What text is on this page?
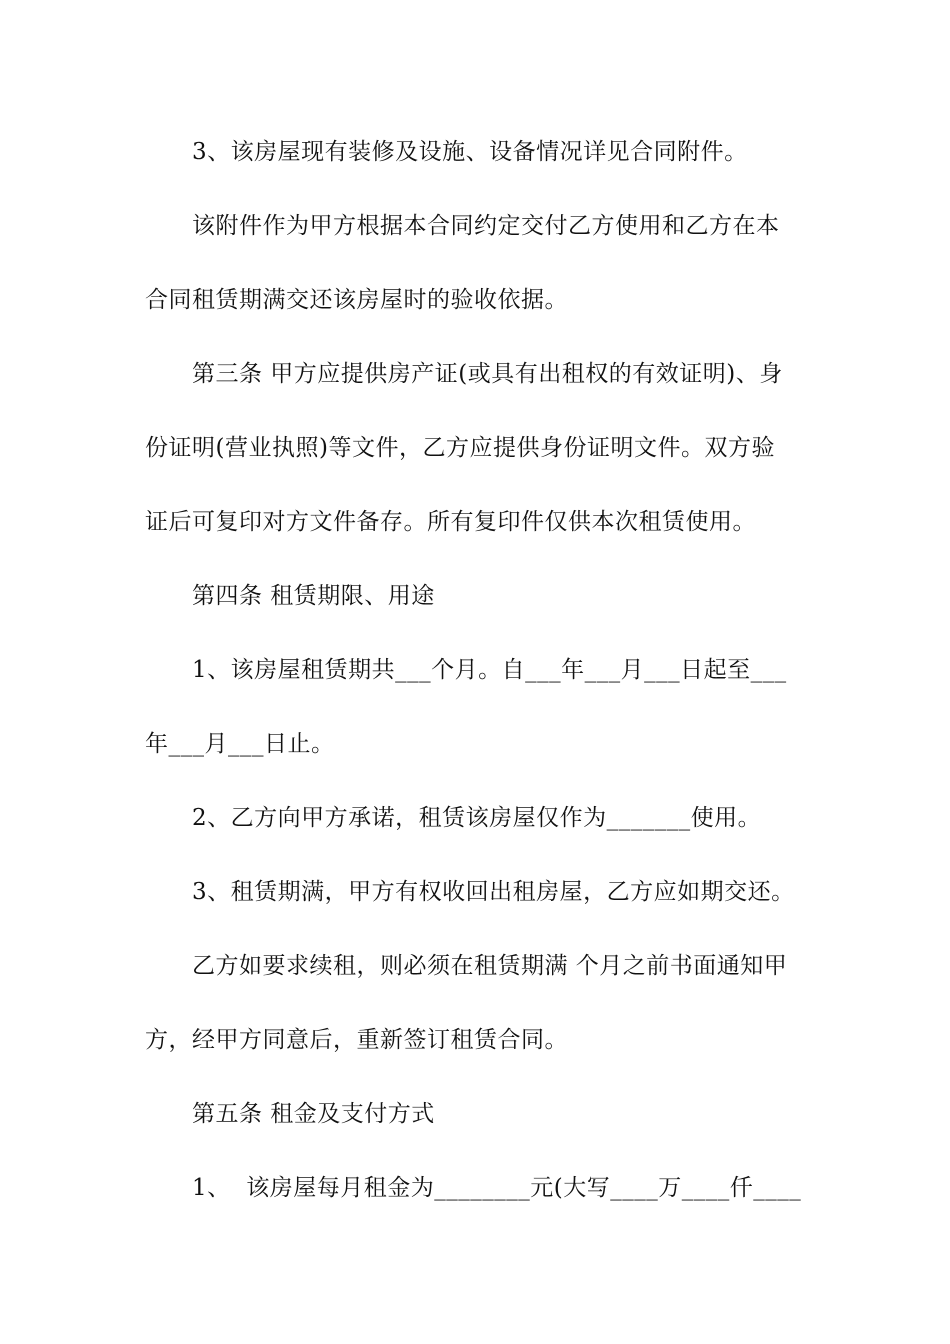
3、该房屋现有装修及设施、设备情况详见合同附件。
该附件作为甲方根据本合同约定交付乙方使用和乙方在本
合同租赁期满交还该房屋时的验收依据。
第三条 甲方应提供房产证(或具有出租权的有效证明)、身
份证明(营业执照)等文件，乙方应提供身份证明文件。双方验
证后可复印对方文件备存。所有复印件仅供本次租赁使用。
第四条 租赁期限、用途
1、该房屋租赁期共___个月。自___年___月___日起至___
年___月___日止。
2、乙方向甲方承诺，租赁该房屋仅作为_______使用。
3、租赁期满，甲方有权收回出租房屋，乙方应如期交还。
乙方如要求续租，则必须在租赁期满 个月之前书面通知甲
方，经甲方同意后，重新签订租赁合同。
第五条 租金及支付方式
1、  该房屋每月租金为________元(大写____万____仟____
